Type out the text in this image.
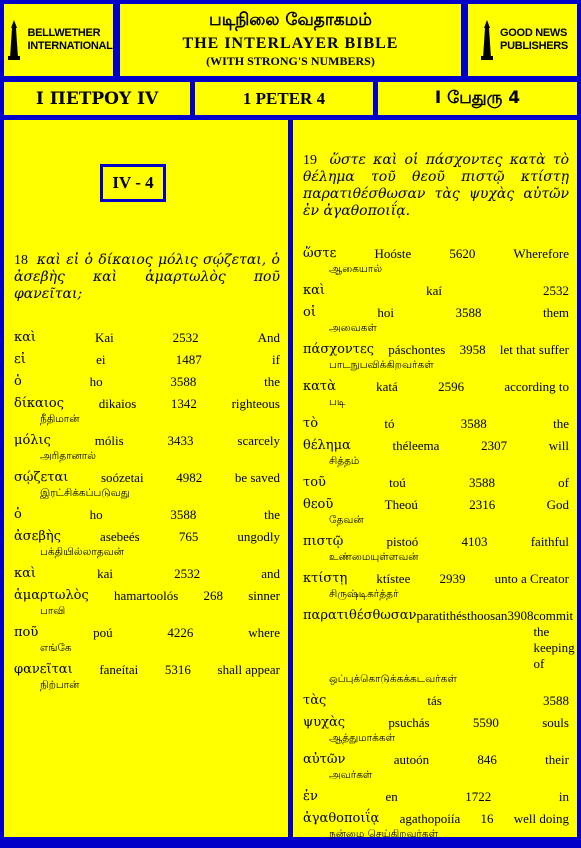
BELLWETHER
INTERNATIONAL
படிநிலை வேதாகமம்
THE INTERLAYER BIBLE
(WITH STRONG'S NUMBERS)
GOOD NEWS
PUBLISHERS
Ι ΠΕΤΡΟΥ IV	1 PETER 4	I பேதுரு 4
IV - 4
18 καὶ εἰ ὁ δίκαιος μόλις σῴζεται, ὁ ἀσεβὴς καὶ ἁμαρτωλὸς ποῦ φανεῖται;
καὶ	Kai	2532	And
εἰ	ei	1487	if
ὁ	ho	3588	the
δίκαιος	dikaios	1342	righteous
நீதிமான்
μόλις	mólis	3433	scarcely
அரிதானால்
σῴζεται	soózetai	4982	be saved
இரட்சிக்கப்படுவது
ὁ	ho	3588	the
ἀσεβὴς	asebeés	765	ungodly
பக்தியில்லாதவன்
καὶ	kai	2532	and
ἁμαρτωλὸς hamartoolós 268 sinner
பாவி
ποῦ	poú	4226	where
எங்கே
φανεῖται faneítai 5316 shall appear
நிற்பான்
19 ὥστε καὶ οἱ πάσχοντες κατὰ τὸ θέλημα τοῦ θεοῦ πιστῷ κτίστῃ παρατιθέσθωσαν τὰς ψυχὰς αὐτῶν ἐν ἀγαθοποιΐᾳ.
ὥστε	Hoóste	5620	Wherefore
ஆகையால்
καὶ	kaí	2532
οἱ	hoi	3588	them
அவைகள்
πάσχοντες páschontes 3958 let that suffer
பாடநுபவிக்கிறவர்கள்
κατὰ	katá	2596	according to
படி
τὸ	tó	3588	the
θέλημα	théleema	2307	will
சித்தம்
τοῦ	toú	3588	of
θεοῦ	Theoú	2316	God
தேவன்
πιστῷ	pistoó	4103	faithful
உண்மையுள்ளவன்
κτίστῃ ktístee 2939 unto a Creator
சிருஷ்டிகர்த்தர்
παρατιθέσθωσαν paratithésthoosan 3908 commit the keeping of
ஒப்புக்கொடுக்கக்கடவர்கள்
τὰς	tás	3588
ψυχὰς	psuchás	5590	souls
ஆத்துமாக்கள்
αὐτῶν	autoón	846	their
அவர்கள்
ἐν	en	1722	in
ἀγαθοποιΐᾳ agathopoiía 16 well doing
நன்மை செய்கிறவர்கள்
